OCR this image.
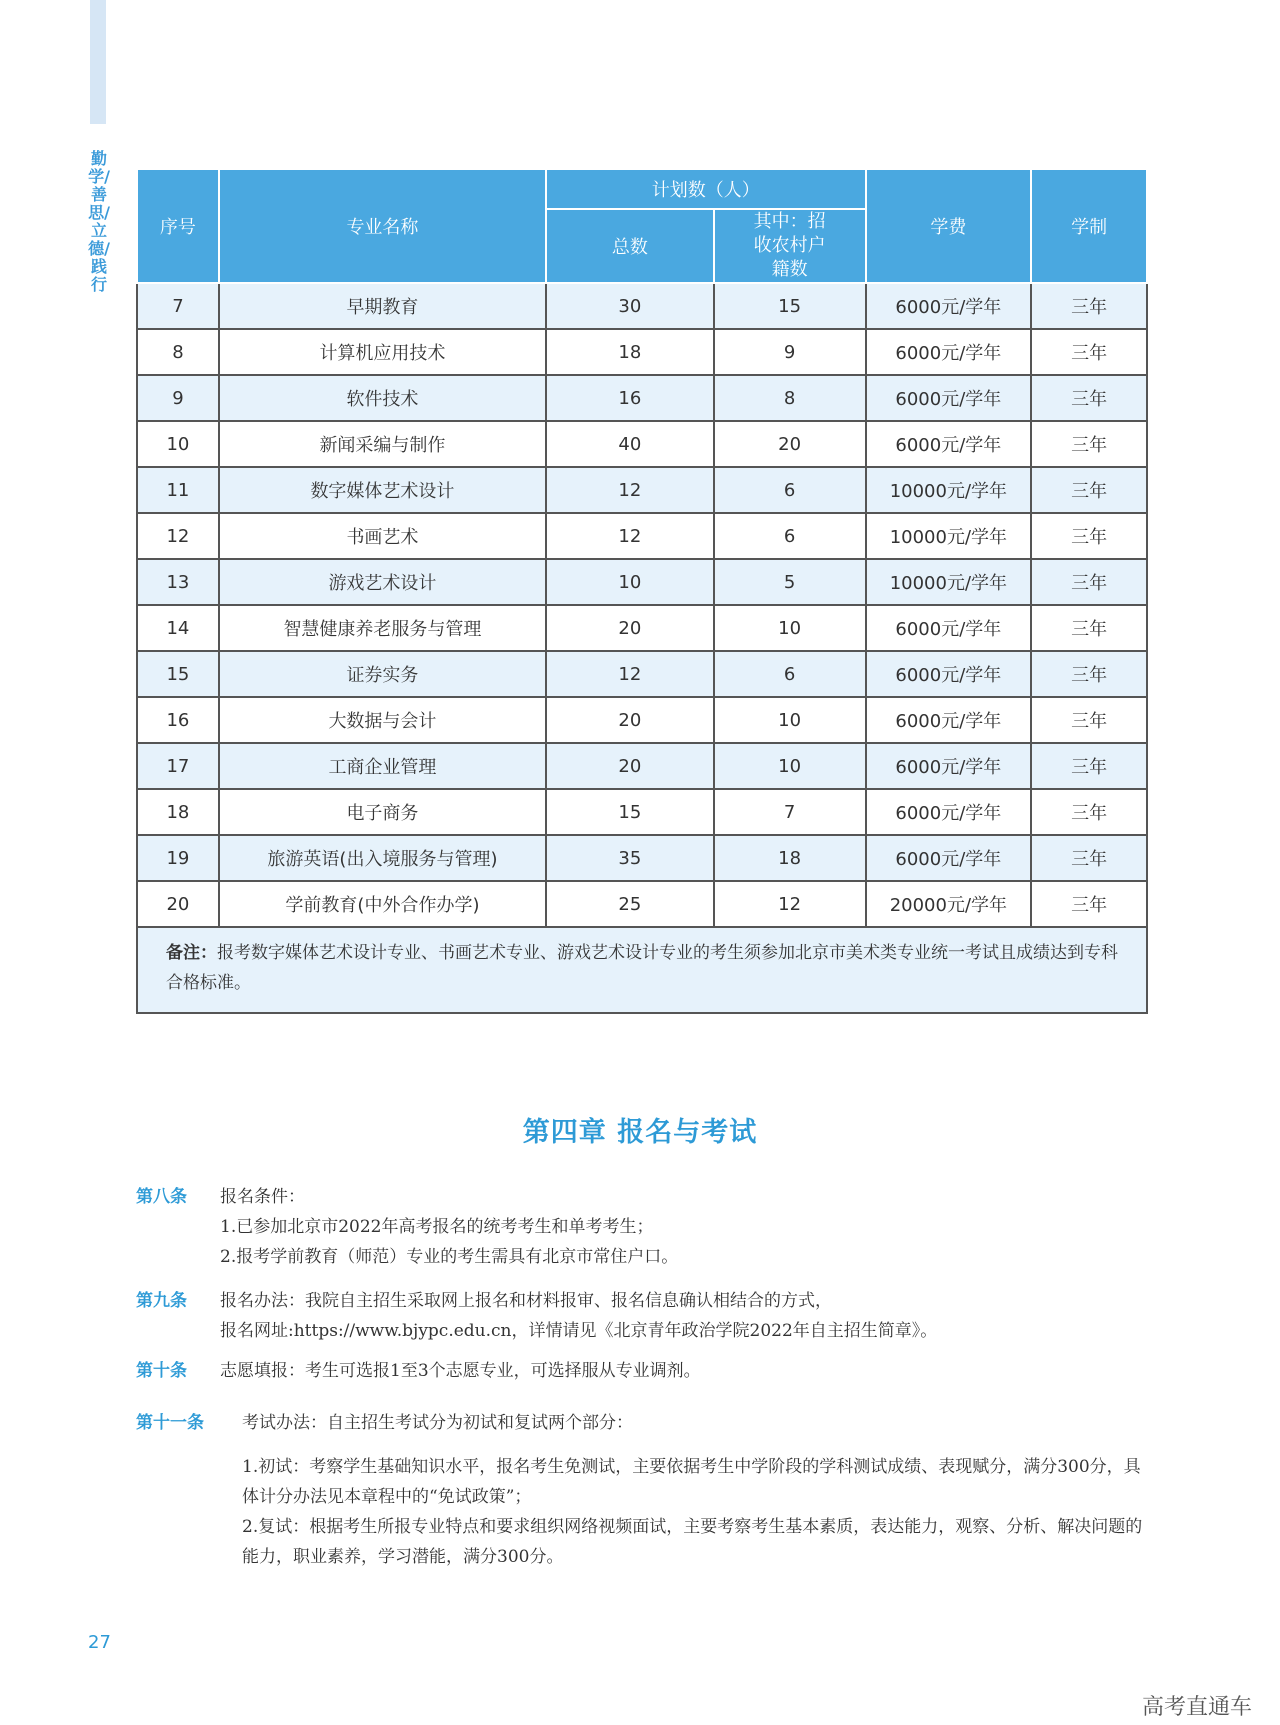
勤学/善思/立德/践行
序号	专业名称	计划数（人）		学费	学制
		总数	其中：招收农村户籍数		
7	早期教育	30	15	6000元/学年	三年
8	计算机应用技术	18	9	6000元/学年	三年
9	软件技术	16	8	6000元/学年	三年
10	新闻采编与制作	40	20	6000元/学年	三年
11	数字媒体艺术设计	12	6	10000元/学年	三年
12	书画艺术	12	6	10000元/学年	三年
13	游戏艺术设计	10	5	10000元/学年	三年
14	智慧健康养老服务与管理	20	10	6000元/学年	三年
15	证券实务	12	6	6000元/学年	三年
16	大数据与会计	20	10	6000元/学年	三年
17	工商企业管理	20	10	6000元/学年	三年
18	电子商务	15	7	6000元/学年	三年
19	旅游英语(出入境服务与管理)	35	18	6000元/学年	三年
20	学前教育(中外合作办学)	25	12	20000元/学年	三年
备注：报考数字媒体艺术设计专业、书画艺术专业、游戏艺术设计专业的考生须参加北京市美术类专业统一考试且成绩达到专科合格标准。					
第四章 报名与考试
第八条 报名条件：

1.已参加北京市2022年高考报名的统考考生和单考考生；

2.报考学前教育（师范）专业的考生需具有北京市常住户口。

第九条 报名办法：我院自主招生采取网上报名和材料报审、报名信息确认相结合的方式，

报名网址:https://www.bjypc.edu.cn，详情请见《北京青年政治学院2022年自主招生简章》。

第十条 志愿填报：考生可选报1至3个志愿专业，可选择服从专业调剂。

第十一条 考试办法：自主招生考试分为初试和复试两个部分：

1.初试：考察学生基础知识水平，报名考生免测试，主要依据考生中学阶段的学科测试成绩、表现赋分，满分300分，具体计分办法见本章程中的“免试政策”；

2.复试：根据考生所报专业特点和要求组织网络视频面试，主要考察考生基本素质，表达能力，观察、分析、解决问题的能力，职业素养，学习潜能，满分300分。

27
高考直通车
